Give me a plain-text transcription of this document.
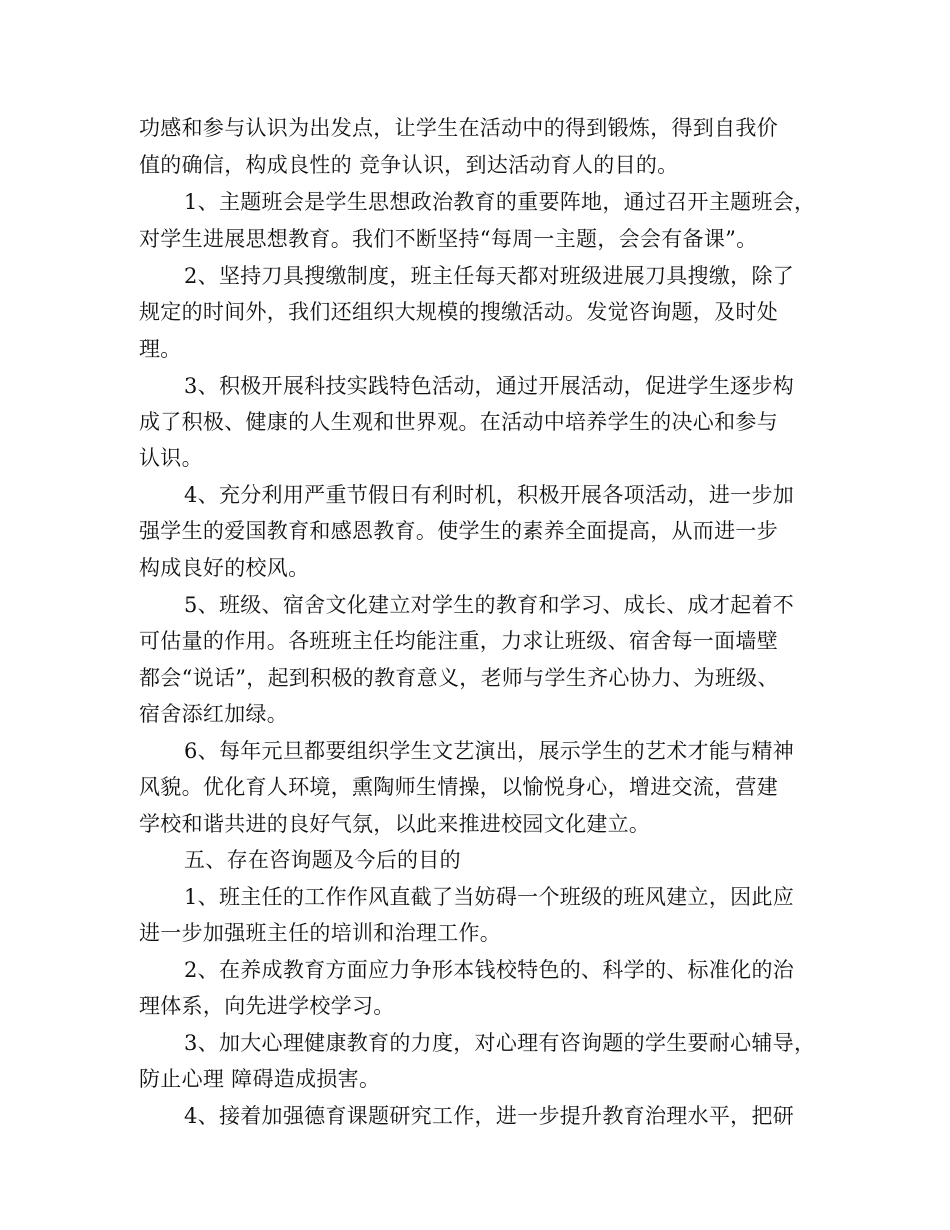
功感和参与认识为出发点，让学生在活动中的得到锻炼，得到自我价
值的确信，构成良性的 竞争认识，到达活动育人的目的。
1、主题班会是学生思想政治教育的重要阵地，通过召开主题班会，
对学生进展思想教育。我们不断坚持“每周一主题，会会有备课”。
2、坚持刀具搜缴制度，班主任每天都对班级进展刀具搜缴，除了
规定的时间外，我们还组织大规模的搜缴活动。发觉咨询题，及时处
理。
3、积极开展科技实践特色活动，通过开展活动，促进学生逐步构
成了积极、健康的人生观和世界观。在活动中培养学生的决心和参与
认识。
4、充分利用严重节假日有利时机，积极开展各项活动，进一步加
强学生的爱国教育和感恩教育。使学生的素养全面提高，从而进一步
构成良好的校风。
5、班级、宿舍文化建立对学生的教育和学习、成长、成才起着不
可估量的作用。各班班主任均能注重，力求让班级、宿舍每一面墙壁
都会“说话”，起到积极的教育意义，老师与学生齐心协力、为班级、
宿舍添红加绿。
6、每年元旦都要组织学生文艺演出，展示学生的艺术才能与精神
风貌。优化育人环境，熏陶师生情操，以愉悦身心，增进交流，营建
学校和谐共进的良好气氛，以此来推进校园文化建立。
五、存在咨询题及今后的目的
1、班主任的工作作风直截了当妨碍一个班级的班风建立，因此应
进一步加强班主任的培训和治理工作。
2、在养成教育方面应力争形本钱校特色的、科学的、标准化的治
理体系，向先进学校学习。
3、加大心理健康教育的力度，对心理有咨询题的学生要耐心辅导，
防止心理 障碍造成损害。
4、接着加强德育课题研究工作，进一步提升教育治理水平，把研
